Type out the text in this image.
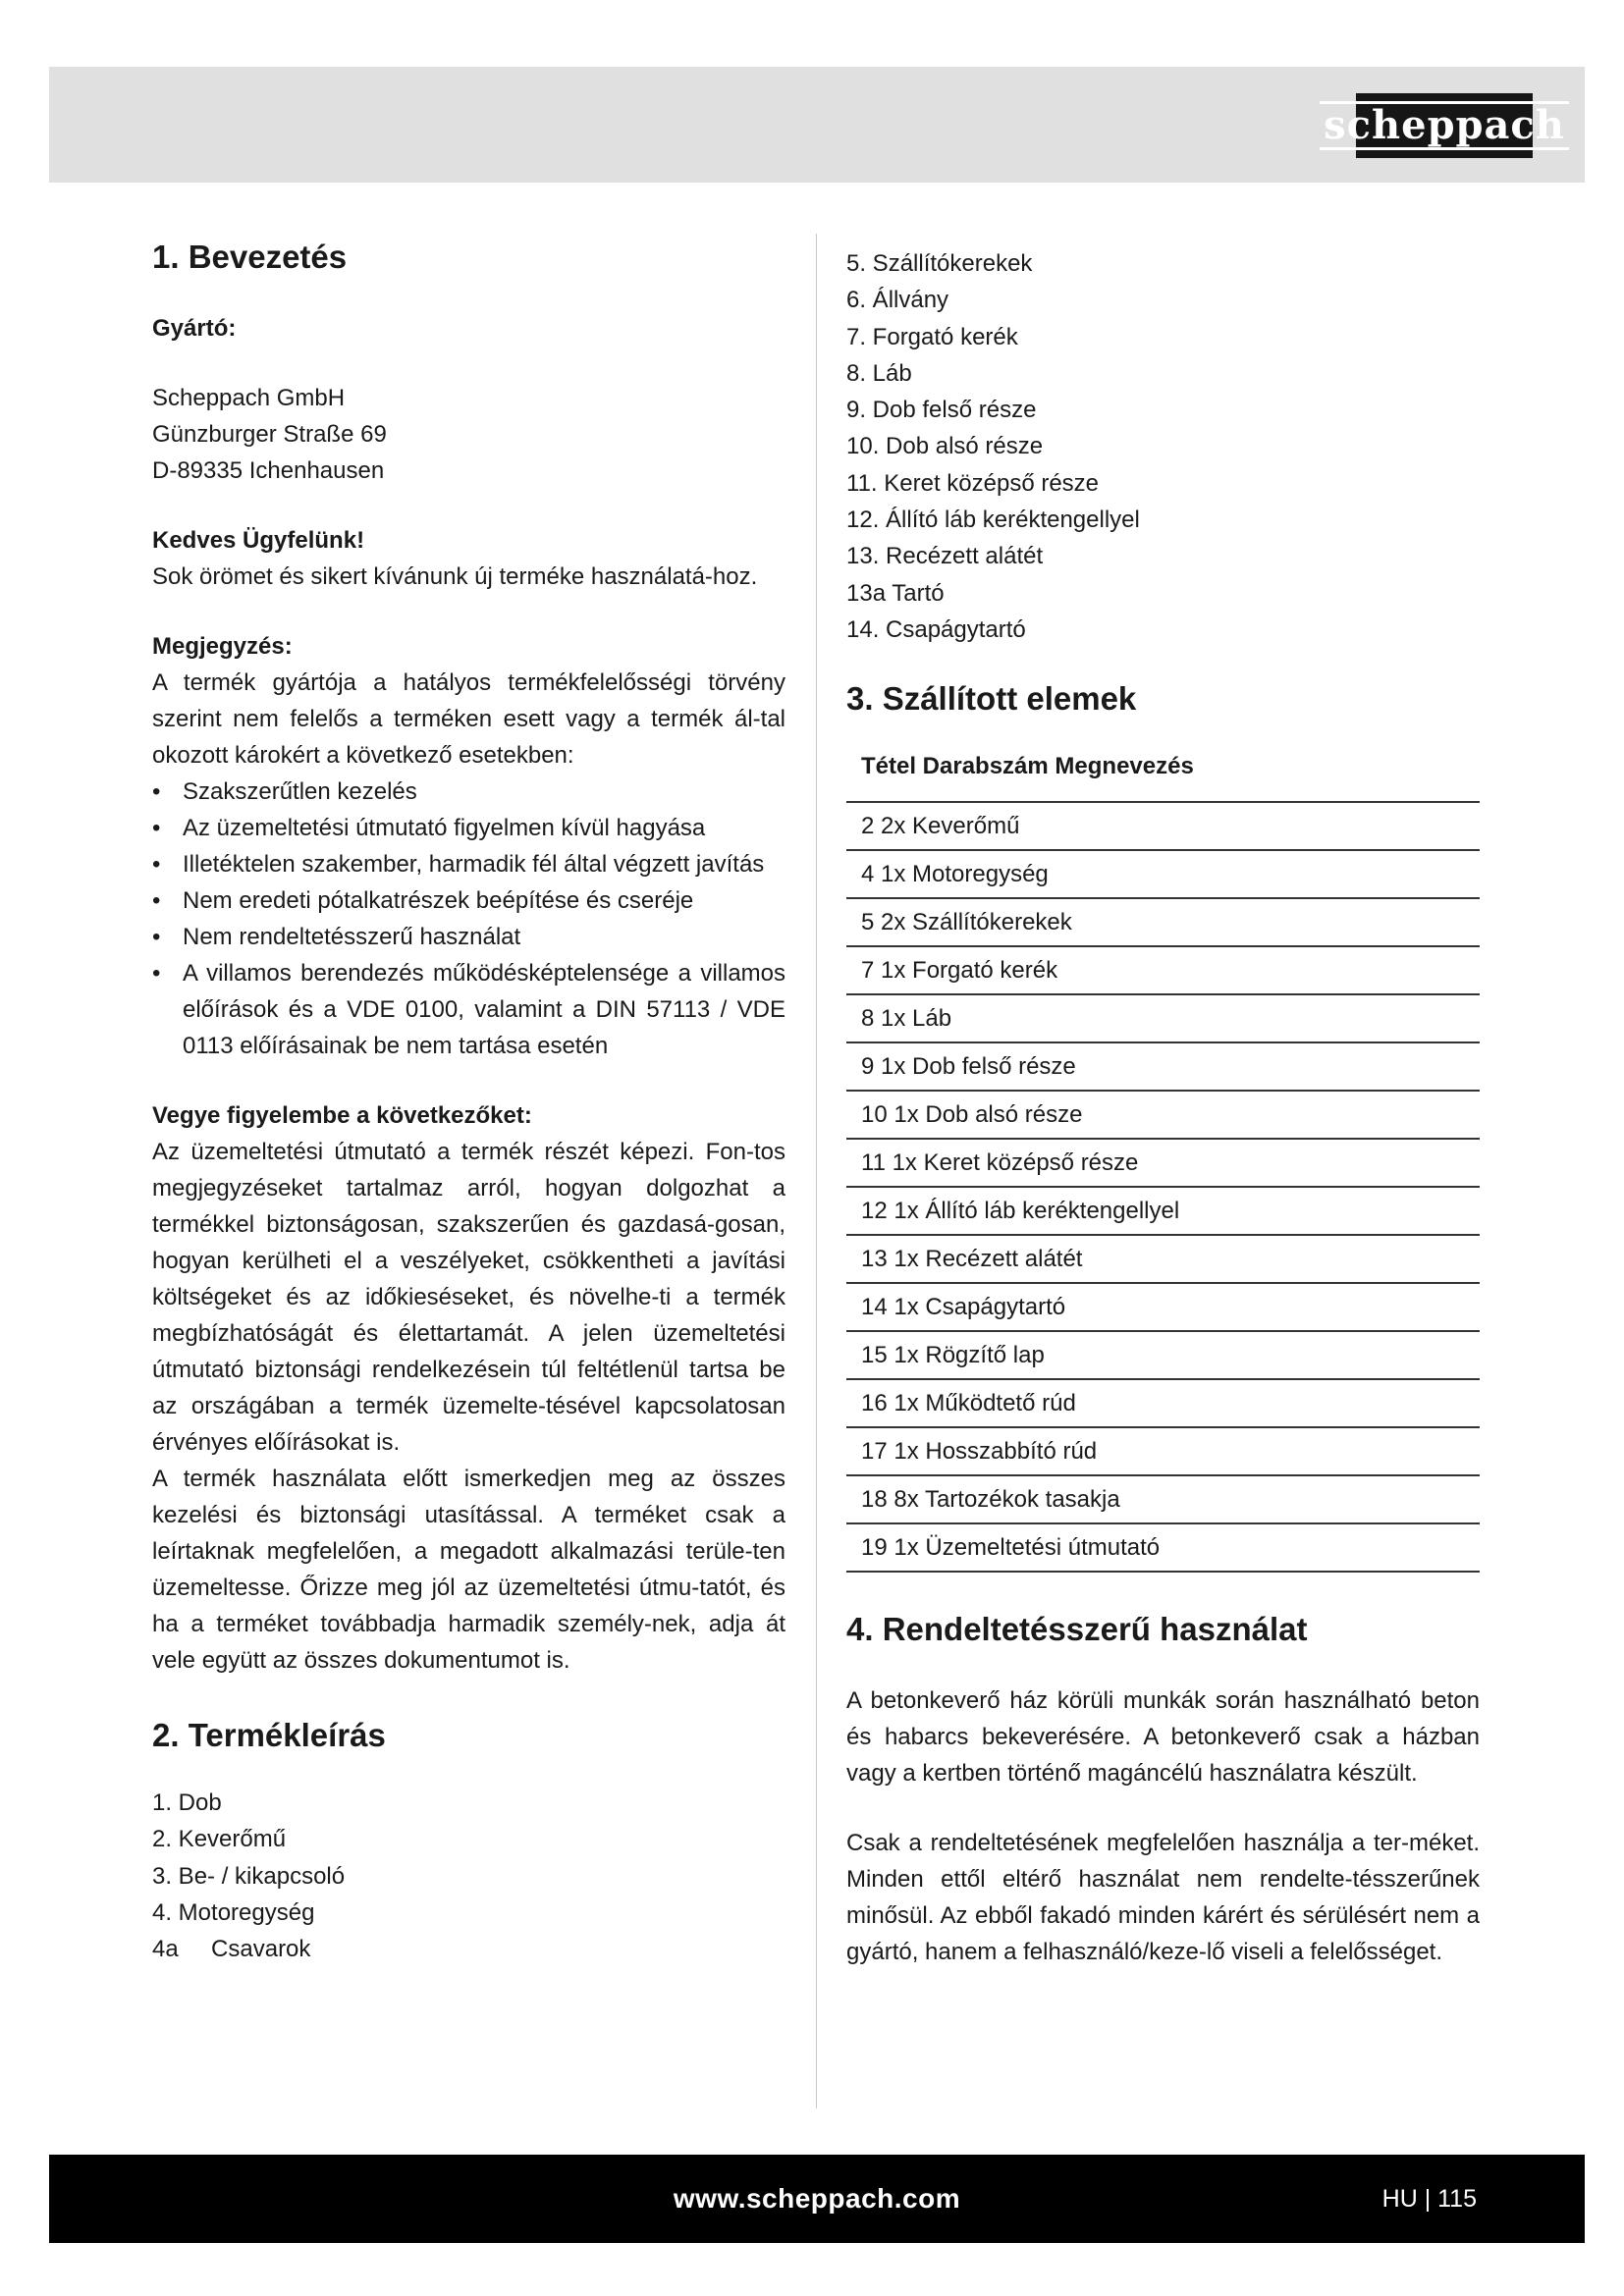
scheppach
1. Bevezetés

Gyártó:

Scheppach GmbH

Günzburger Straße 69

D-89335 Ichenhausen

Kedves Ügyfelünk!

Sok örömet és sikert kívánunk új terméke használatá-hoz.

Megjegyzés:

A termék gyártója a hatályos termékfelelősségi törvény szerint nem felelős a terméken esett vagy a termék ál-tal okozott károkért a következő esetekben:

• Szakszerűtlen kezelés
• Az üzemeltetési útmutató figyelmen kívül hagyása
• Illetéktelen szakember, harmadik fél által végzett javítás
• Nem eredeti pótalkatrészek beépítése és cseréje
• Nem rendeltetésszerű használat
• A villamos berendezés működésképtelensége a villamos előírások és a VDE 0100, valamint a DIN 57113 / VDE 0113 előírásainak be nem tartása esetén

Vegye figyelembe a következőket:

Az üzemeltetési útmutató a termék részét képezi. Fon-tos megjegyzéseket tartalmaz arról, hogyan dolgozhat a termékkel biztonságosan, szakszerűen és gazdasá-gosan, hogyan kerülheti el a veszélyeket, csökkentheti a javítási költségeket és az időkieséseket, és növelhe-ti a termék megbízhatóságát és élettartamát. A jelen üzemeltetési útmutató biztonsági rendelkezésein túl feltétlenül tartsa be az országában a termék üzemelte-tésével kapcsolatosan érvényes előírásokat is.

A termék használata előtt ismerkedjen meg az összes kezelési és biztonsági utasítással. A terméket csak a leírtaknak megfelelően, a megadott alkalmazási terüle-ten üzemeltesse. Őrizze meg jól az üzemeltetési útmu-tatót, és ha a terméket továbbadja harmadik személy-nek, adja át vele együtt az összes dokumentumot is.

2. Termékleírás
1. Dob
2. Keverőmű
3. Be- / kikapcsoló
4. Motoregység
4a     Csavarok
5. Szállítókerekek
6. Állvány
7. Forgató kerék
8. Láb
9. Dob felső része
10. Dob alsó része
11. Keret középső része
12. Állító láb keréktengellyel
13. Recézett alátét
13a Tartó
14. Csapágytartó
3. Szállított elemek
Tétel Darabszám Megnevezés
2 2x Keverőmű
4 1x Motoregység
5 2x Szállítókerekek
7 1x Forgató kerék
8 1x Láb
9 1x Dob felső része
10 1x Dob alsó része
11 1x Keret középső része
12 1x Állító láb keréktengellyel
13 1x Recézett alátét
14 1x Csapágytartó
15 1x Rögzítő lap
16 1x Működtető rúd
17 1x Hosszabbító rúd
18 8x Tartozékok tasakja
19 1x Üzemeltetési útmutató
4. Rendeltetésszerű használat

A betonkeverő ház körüli munkák során használható beton és habarcs bekeverésére. A betonkeverő csak a házban vagy a kertben történő magáncélú használatra készült.

Csak a rendeltetésének megfelelően használja a ter-méket. Minden ettől eltérő használat nem rendelte-tésszerűnek minősül. Az ebből fakadó minden kárért és sérülésért nem a gyártó, hanem a felhasználó/keze-lő viseli a felelősséget.

www.scheppach.com	HU | 115
